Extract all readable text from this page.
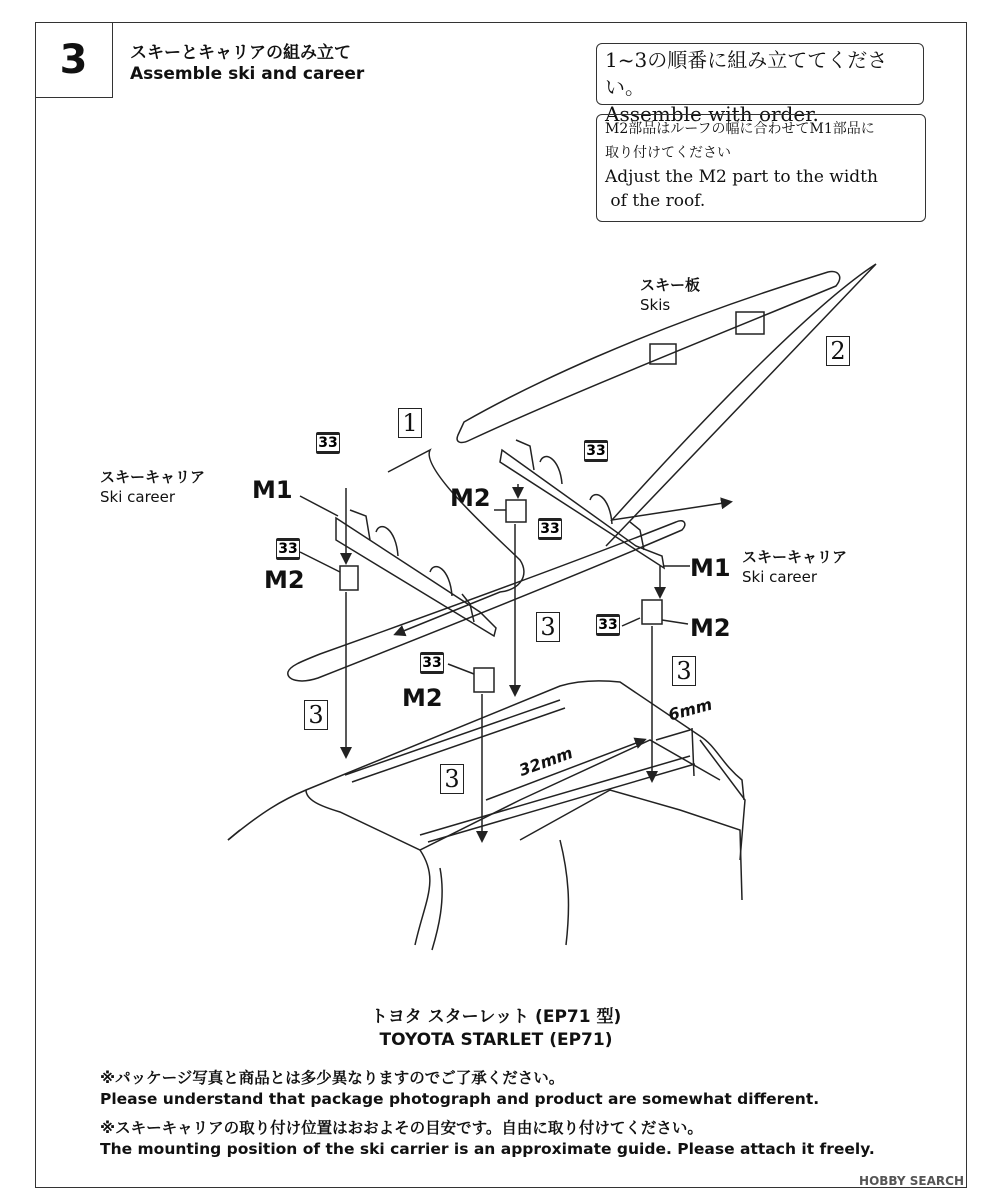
3	スキーとキャリアの組み立て
Assemble ski and career
1~3の順番に組み立ててください。
Assemble with order.
M2部品はルーフの幅に合わせてM1部品に
取り付けてください
Adjust the M2 part to the width
of the roof.
スキー板
Skis
スキーキャリア
Ski career
スキーキャリア
Ski career
M1
M1
M2
M2
M2
M2
33
33
33
33
33
33
1
2
3
3
3
3
32mm
6mm
トヨタ スターレット (EP71 型)
TOYOTA STARLET (EP71)
※パッケージ写真と商品とは多少異なりますのでご了承ください。
Please understand that package photograph and product are somewhat different.
※スキーキャリアの取り付け位置はおおよその目安です。自由に取り付けてください。
The mounting position of the ski carrier is an approximate guide. Please attach it freely.
HOBBY SEARCH
